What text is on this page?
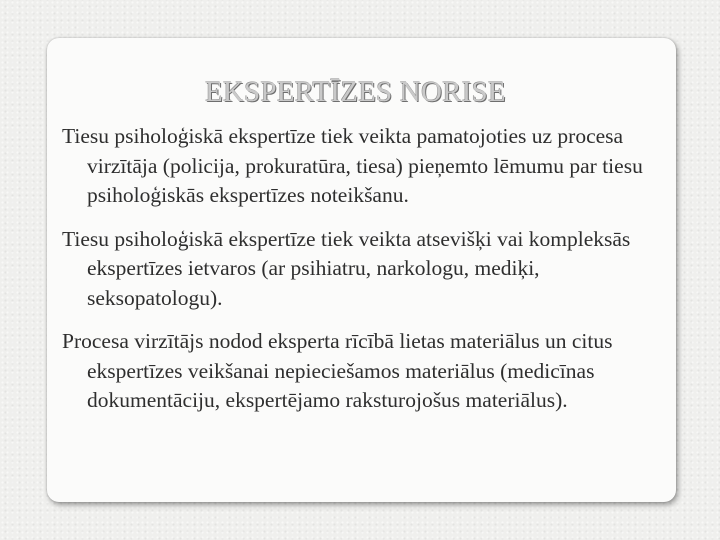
EKSPERTĪZES NORISE

Tiesu psiholoģiskā ekspertīze tiek veikta pamatojoties uz procesa virzītāja (policija, prokuratūra, tiesa) pieņemto lēmumu par tiesu psiholoģiskās ekspertīzes noteikšanu.

Tiesu psiholoģiskā ekspertīze tiek veikta atsevišķi vai kompleksās ekspertīzes ietvaros (ar psihiatru, narkologu, mediķi, seksopatologu).

Procesa virzītājs nodod eksperta rīcībā lietas materiālus un citus ekspertīzes veikšanai nepieciešamos materiālus (medicīnas dokumentāciju, ekspertējamo raksturojošus materiālus).
